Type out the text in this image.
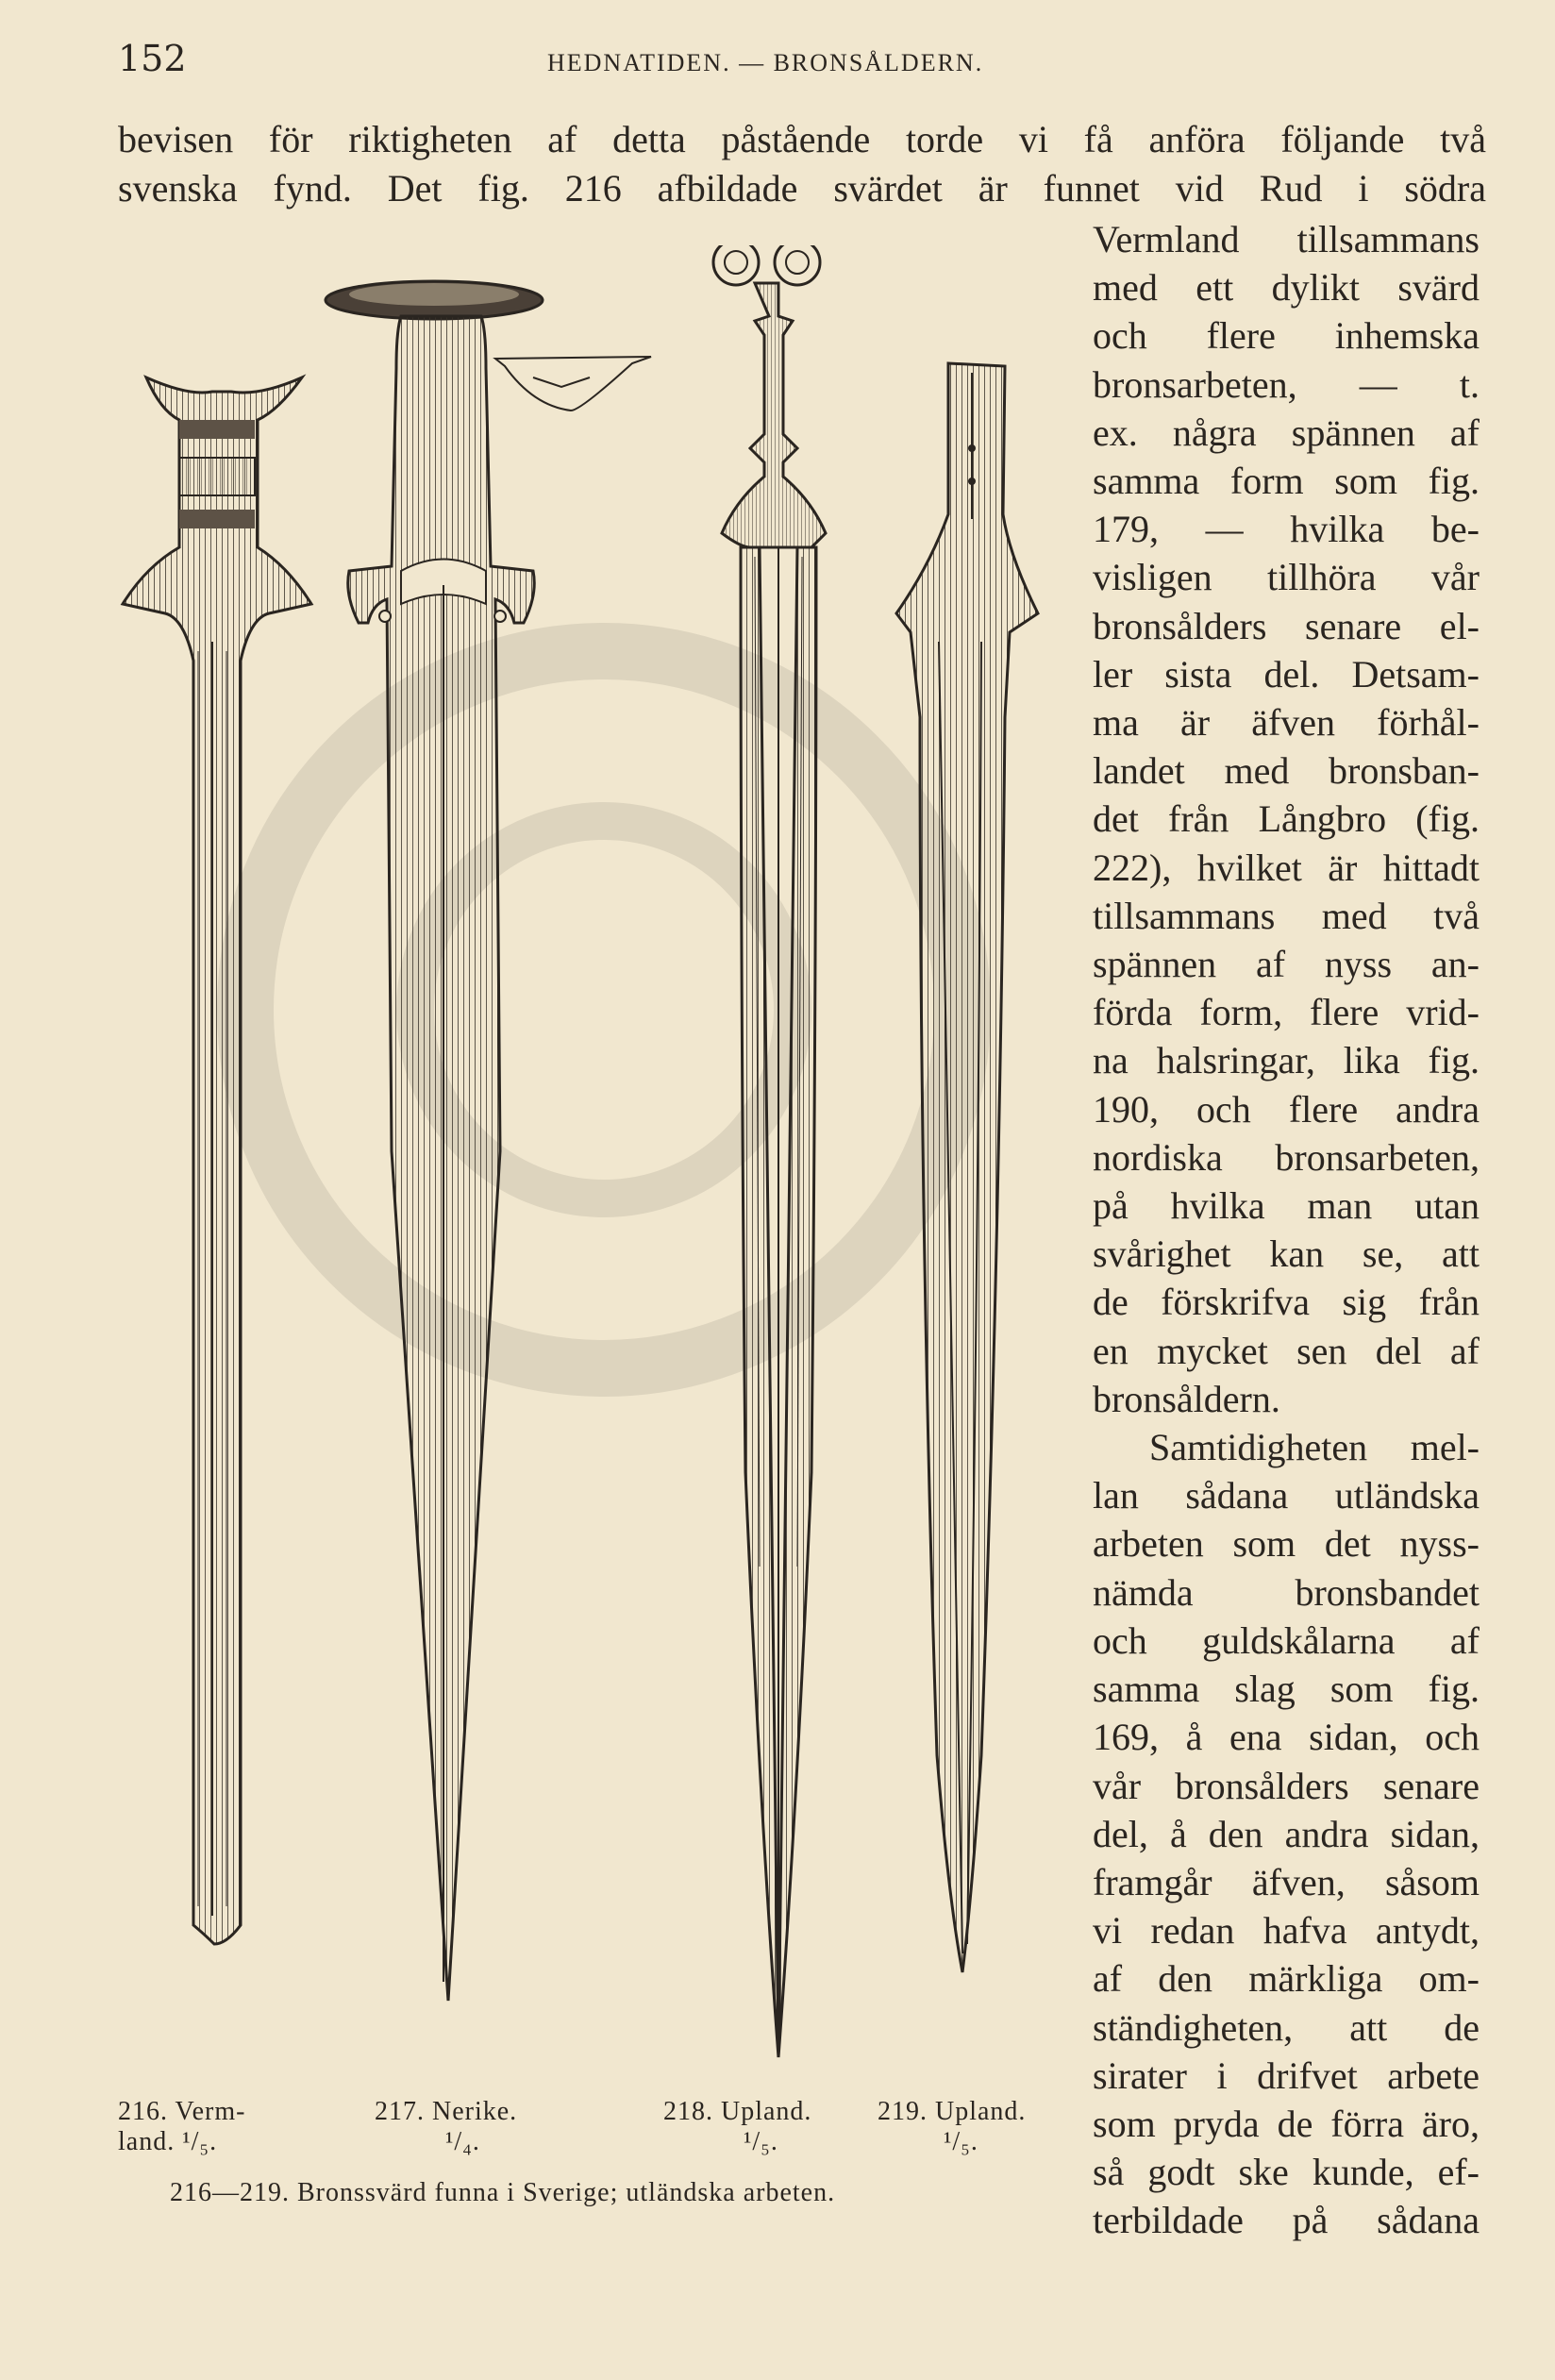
152	HEDNATIDEN. — BRONSÅLDERN.
bevisen för riktigheten af detta påstående torde vi få anföra följande två
svenska fynd. Det fig. 216 afbildade svärdet är funnet vid Rud i södra
216. Verm-
land. ¹/₅.
217. Nerike.
¹/₄.
218. Upland.
¹/₅.
219. Upland.
¹/₅.
216—219. Bronssvärd funna i Sverige; utländska arbeten.
Vermland tillsammans
med ett dylikt svärd
och flere inhemska
bronsarbeten, — t.
ex. några spännen af
samma form som fig.
179, — hvilka be-
visligen tillhöra vår
bronsålders senare el-
ler sista del. Detsam-
ma är äfven förhål-
landet med bronsban-
det från Långbro (fig.
222), hvilket är hittadt
tillsammans med två
spännen af nyss an-
förda form, flere vrid-
na halsringar, lika fig.
190, och flere andra
nordiska bronsarbeten,
på hvilka man utan
svårighet kan se, att
de förskrifva sig från
en mycket sen del af
bronsåldern.
Samtidigheten mel-
lan sådana utländska
arbeten som det nyss-
nämda bronsbandet
och guldskålarna af
samma slag som fig.
169, å ena sidan, och
vår bronsålders senare
del, å den andra sidan,
framgår äfven, såsom
vi redan hafva antydt,
af den märkliga om-
ständigheten, att de
sirater i drifvet arbete
som pryda de förra äro,
så godt ske kunde, ef-
terbildade på sådana
